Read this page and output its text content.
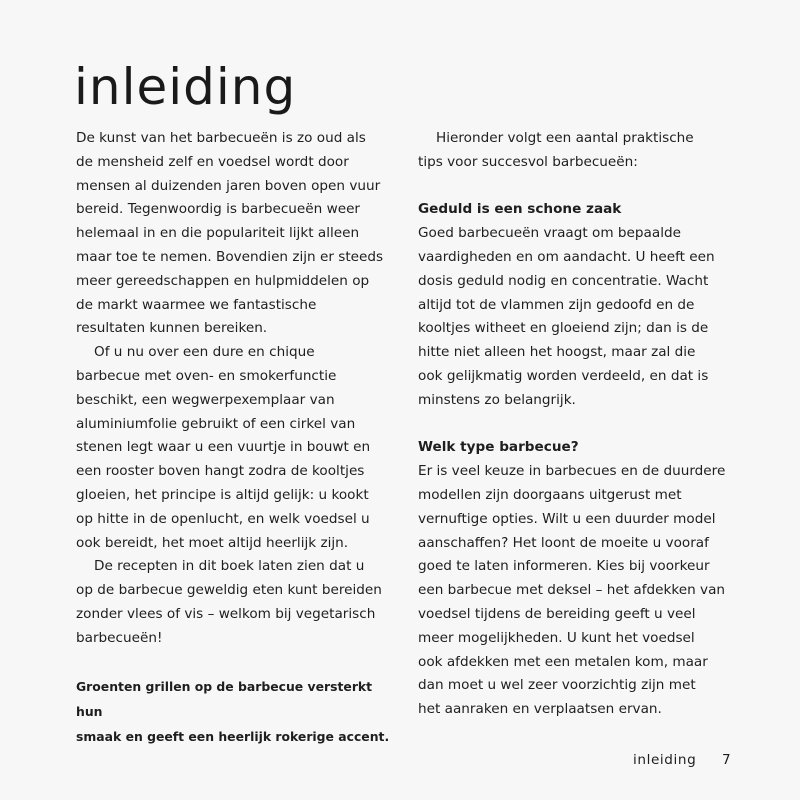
inleiding

De kunst van het barbecueën is zo oud als
de mensheid zelf en voedsel wordt door
mensen al duizenden jaren boven open vuur
bereid. Tegenwoordig is barbecueën weer
helemaal in en die populariteit lijkt alleen
maar toe te nemen. Bovendien zijn er steeds
meer gereedschappen en hulpmiddelen op
de markt waarmee we fantastische
resultaten kunnen bereiken.

Of u nu over een dure en chique
barbecue met oven- en smokerfunctie
beschikt, een wegwerpexemplaar van
aluminiumfolie gebruikt of een cirkel van
stenen legt waar u een vuurtje in bouwt en
een rooster boven hangt zodra de kooltjes
gloeien, het principe is altijd gelijk: u kookt
op hitte in de openlucht, en welk voedsel u
ook bereidt, het moet altijd heerlijk zijn.

De recepten in dit boek laten zien dat u
op de barbecue geweldig eten kunt bereiden
zonder vlees of vis – welkom bij vegetarisch
barbecueën!

Groenten grillen op de barbecue versterkt hun
smaak en geeft een heerlijk rokerige accent.

Hieronder volgt een aantal praktische
tips voor succesvol barbecueën:

Geduld is een schone zaak

Goed barbecueën vraagt om bepaalde
vaardigheden en om aandacht. U heeft een
dosis geduld nodig en concentratie. Wacht
altijd tot de vlammen zijn gedoofd en de
kooltjes witheet en gloeiend zijn; dan is de
hitte niet alleen het hoogst, maar zal die
ook gelijkmatig worden verdeeld, en dat is
minstens zo belangrijk.

Welk type barbecue?

Er is veel keuze in barbecues en de duurdere
modellen zijn doorgaans uitgerust met
vernuftige opties. Wilt u een duurder model
aanschaffen? Het loont de moeite u vooraf
goed te laten informeren. Kies bij voorkeur
een barbecue met deksel – het afdekken van
voedsel tijdens de bereiding geeft u veel
meer mogelijkheden. U kunt het voedsel
ook afdekken met een metalen kom, maar
dan moet u wel zeer voorzichtig zijn met
het aanraken en verplaatsen ervan.

inleiding 7
